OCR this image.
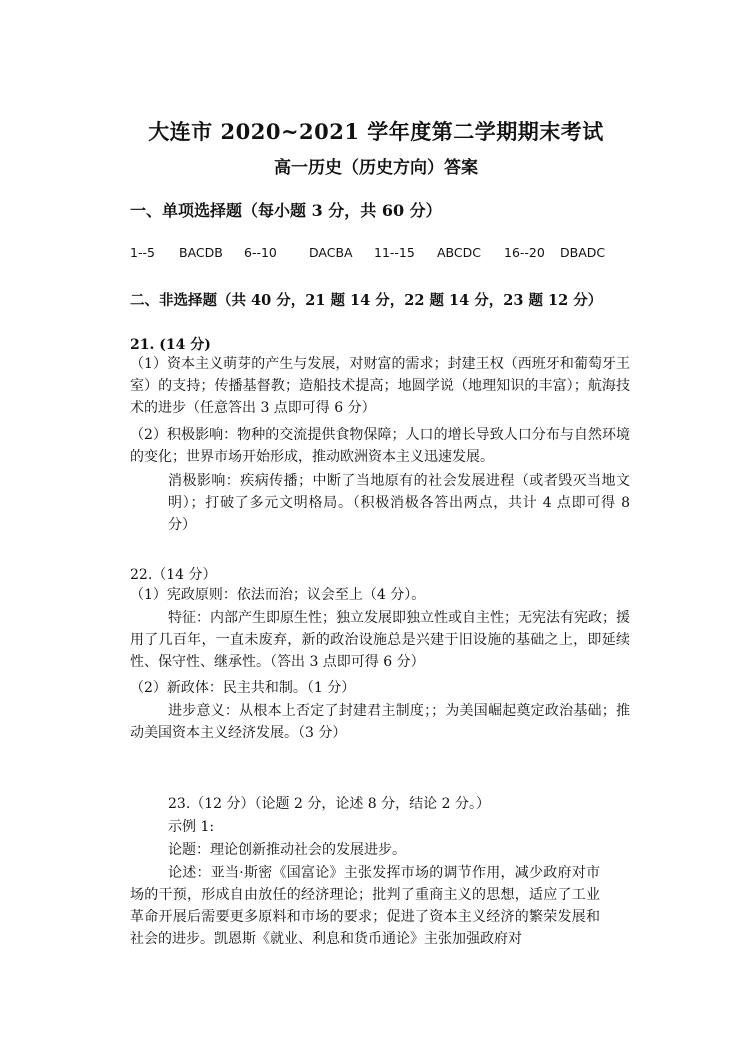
大连市 2020~2021 学年度第二学期期末考试
高一历史（历史方向）答案
一、单项选择题（每小题 3 分，共 60 分）
1--5 BACDB 6--10	DACBA 11--15 ABCDC 16--20 DBADC
二、非选择题（共 40 分，21 题 14 分，22 题 14 分，23 题 12 分）
21. (14 分)
（1）资本主义萌芽的产生与发展，对财富的需求；封建王权（西班牙和葡萄牙王室）的支持；传播基督教；造船技术提高；地圆学说（地理知识的丰富）；航海技术的进步（任意答出 3 点即可得 6 分）
（2）积极影响：物种的交流提供食物保障；人口的增长导致人口分布与自然环境的变化；世界市场开始形成，推动欧洲资本主义迅速发展。
消极影响：疾病传播；中断了当地原有的社会发展进程（或者毁灭当地文明）；打破了多元文明格局。（积极消极各答出两点，共计 4 点即可得 8 分）
22.（14 分）
（1）宪政原则：依法而治；议会至上（4 分）。
特征：内部产生即原生性；独立发展即独立性或自主性；无宪法有宪政；援用了几百年，一直未废弃，新的政治设施总是兴建于旧设施的基础之上，即延续性、保守性、继承性。（答出 3 点即可得 6 分）
（2）新政体：民主共和制。（1 分）
进步意义：从根本上否定了封建君主制度；；为美国崛起奠定政治基础；推动美国资本主义经济发展。（3 分）
23.（12 分）（论题 2 分，论述 8 分，结论 2 分。）
示例 1:
论题：理论创新推动社会的发展进步。
论述：亚当·斯密《国富论》主张发挥市场的调节作用，减少政府对市场的干预，形成自由放任的经济理论；批判了重商主义的思想，适应了工业革命开展后需要更多原料和市场的要求；促进了资本主义经济的繁荣发展和社会的进步。凯恩斯《就业、利息和货币通论》主张加强政府对
